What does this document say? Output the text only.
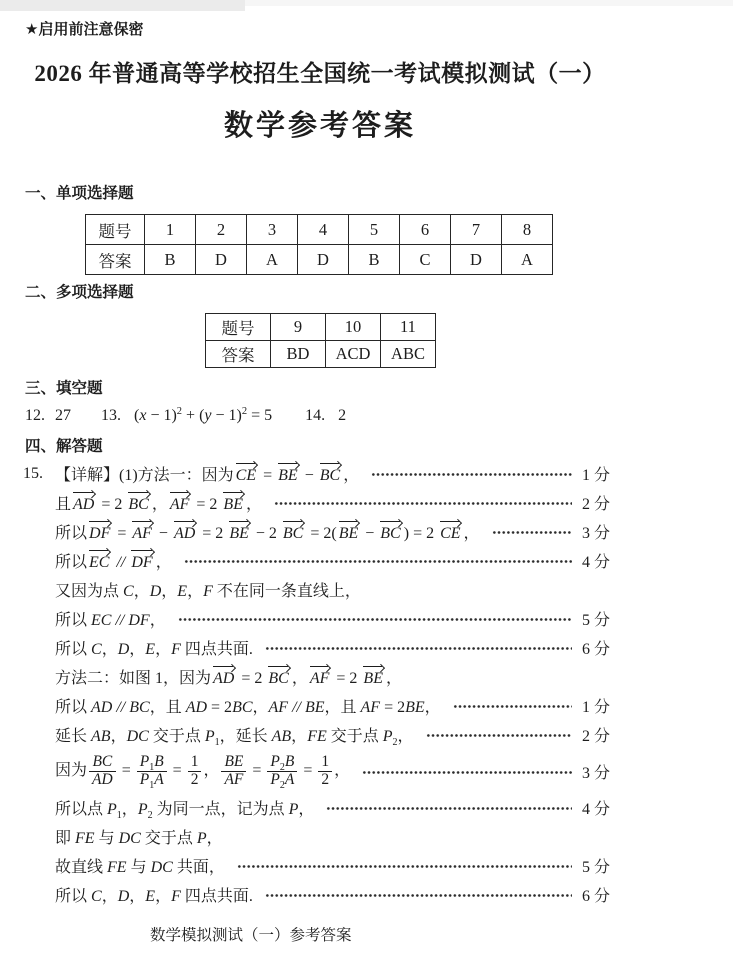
★启用前注意保密
2026 年普通高等学校招生全国统一考试模拟测试（一）
数学参考答案
一、单项选择题
题号	1	2	3	4	5	6	7	8
答案	B	D	A	D	B	C	D	A
二、多项选择题
题号	9	10	11
答案	BD	ACD	ABC
三、填空题
12. 27 13. $(x - 1)^2 + (y - 1)^2 = 5$ 14. 2
四、解答题
15. 【详解】(1)方法一：因为 CE =
BE −
BC ，	1 分
且 AD = 2
BC ， AF = 2
BE ，	2 分
所以 DF =
AF −
AD = 2
BE − 2
BC = 2( BE −
BC ) = 2
CE ，	3 分
所以 EC //
DF ，	4 分
又因为点 C，D，E，F 不在同一条直线上，
所以 EC // DF，	5 分
所以 C，D，E，F 四点共面.	6 分
方法二：如图 1，因为 AD = 2
BC ， AF = 2
BE ，
所以 AD // BC，且 AD = 2BC，AF // BE，且 AF = 2BE，	1 分
延长 AB，DC 交于点 $P_1$，延长 AB，FE 交于点 $P_2$，	2 分
因为 $\frac{BC}{AD} = \frac{P_1B}{P_1A} = \frac{1}{2}$ ， $\frac{BE}{AF} = \frac{P_2B}{P_2A} = \frac{1}{2}$ ，	3 分
所以点 $P_1$，$P_2$ 为同一点，记为点 P，	4 分
即 FE 与 DC 交于点 P，
故直线 FE 与 DC 共面，	5 分
所以 C，D，E，F 四点共面.	6 分
数学模拟测试（一）参考答案
